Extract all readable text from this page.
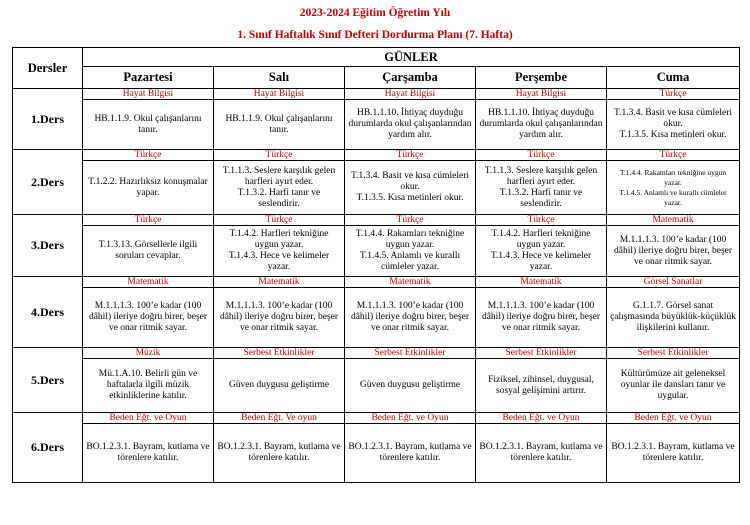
2023-2024 Eğitim Öğretim Yılı
1. Sınıf Haftalık Sınıf Defteri Dordurma Planı (7. Hafta)
Dersler	GÜNLER				
	Pazartesi	Salı	Çarşamba	Perşembe	Cuma
1.Ders	Hayat Bilgisi	Hayat Bilgisi	Hayat Bilgisi	Hayat Bilgisi	Türkçe

	HB.1.1.9. Okul çalışanlarını
tanır.	HB.1.1.9. Okul çalışanlarını
tanır.	HB.1.1.10. İhtiyaç duyduğu
durumlarda okul çalışanlarından
yardım alır.	HB.1.1.10. İhtiyaç duyduğu
durumlarda okul çalışanlarından
yardım alır.	T.1.3.4. Basit ve kısa cümleleri
okur.
T.1.3.5. Kısa metinleri okur.

2.Ders	Türkçe	Türkçe	Türkçe	Türkçe	Türkçe

	T.1.2.2. Hazırlıksız konuşmalar
yapar.	T.1.1.3. Seslere karşılık gelen
harfleri ayırt eder.
T.1.3.2. Harfi tanır ve
seslendirir.	T.1.3.4. Basit ve kısa cümleleri
okur.
T.1.3.5. Kısa metinleri okur.	T.1.1.3. Seslere karşılık gelen
harfleri ayırt eder.
T.1.3.2. Harfi tanır ve seslendirir.	T.1.4.4. Rakamları tekniğine uygun
yazar.
T.1.4.5. Anlamlı ve kurallı cümleler
yazar.

3.Ders	Türkçe	Türkçe	Türkçe	Türkçe	Matematik

	T.1.3.13. Görsellerle ilgili
soruları cevaplar.	T.1.4.2. Harfleri tekniğine
uygun yazar.
T.1.4.3. Hece ve kelimeler
yazar.	T.1.4.4. Rakamları tekniğine
uygun yazar.
T.1.4.5. Anlamlı ve kurallı
cümleler yazar.	T.1.4.2. Harfleri tekniğine
uygun yazar.
T.1.4.3. Hece ve kelimeler
yazar.	M.1.1.1.3. 100’e kadar (100
dâhil) ileriye doğru birer, beşer
ve onar ritmik sayar.

4.Ders	Matematik	Matematik	Matematik	Matematik	Görsel Sanatlar

	M.1.1.1.3. 100’e kadar (100
dâhil) ileriye doğru birer, beşer
ve onar ritmik sayar.	M.1.1.1.3. 100’e kadar (100
dâhil) ileriye doğru birer, beşer
ve onar ritmik sayar.	M.1.1.1.3. 100’e kadar (100
dâhil) ileriye doğru birer, beşer
ve onar ritmik sayar.	M.1.1.1.3. 100’e kadar (100
dâhil) ileriye doğru birer, beşer
ve onar ritmik sayar.	G.1.1.7. Görsel sanat
çalışmasında büyüklük-küçüklük
ilişkilerini kullanır.

5.Ders	Müzik	Serbest Etkinlikler	Serbest Etkinlikler	Serbest Etkinlikler	Serbest Etkinlikler

	Mü.1.A.10. Belirli gün ve
haftalarla ilgili müzik
etkinliklerine katılır.	Güven duygusu geliştirme	Güven duygusu geliştirme	Fiziksel, zihinsel, duygusal,
sosyal gelişimini artırır.	Kültürümüze ait geleneksel
oyunlar ile dansları tanır ve
uygular.

6.Ders	Beden Eğt. ve Oyun	Beden Eğt. Ve oyun	Beden Eğt. ve Oyun	Beden Eğt. ve Oyun	Beden Eğt. ve Oyun

	BO.1.2.3.1. Bayram, kutlama ve
törenlere katılır.	BO.1.2.3.1. Bayram, kutlama ve
törenlere katılır.	BO.1.2.3.1. Bayram, kutlama ve
törenlere katılır.	BO.1.2.3.1. Bayram, kutlama ve
törenlere katılır.	BO.1.2.3.1. Bayram, kutlama ve
törenlere katılır.
